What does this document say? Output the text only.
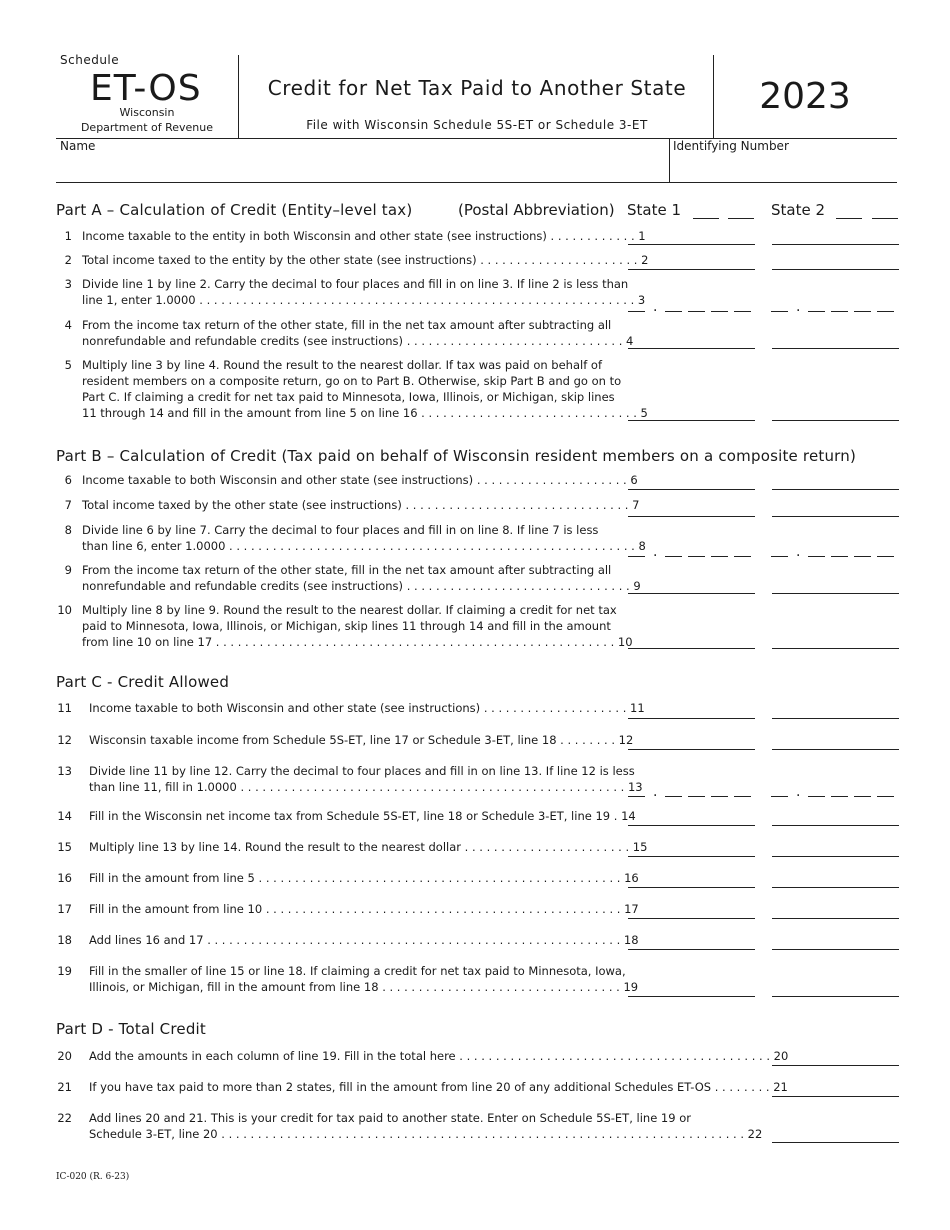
Schedule
ET-OS
Wisconsin
Department of Revenue
Credit for Net Tax Paid to Another State
File with Wisconsin Schedule 5S-ET or Schedule 3-ET
2023
Name	Identifying Number
Part A – Calculation of Credit (Entity–level tax)	(Postal Abbreviation) State 1	State 2
1 Income taxable to the entity in both Wisconsin and other state (see instructions) . . . . . . . . . . . . 1
2 Total income taxed to the entity by the other state (see instructions) . . . . . . . . . . . . . . . . . . . . . . 2
3 Divide line 1 by line 2. Carry the decimal to four places and fill in on line 3. If line 2 is less than
line 1, enter 1.0000 . . . . . . . . . . . . . . . . . . . . . . . . . . . . . . . . . . . . . . . . . . . . . . . . . . . . . . . . . . . . 3 .	.
4 From the income tax return of the other state, fill in the net tax amount after subtracting all
nonrefundable and refundable credits (see instructions) . . . . . . . . . . . . . . . . . . . . . . . . . . . . . . 4
5 Multiply line 3 by line 4. Round the result to the nearest dollar. If tax was paid on behalf of
resident members on a composite return, go on to Part B. Otherwise, skip Part B and go on to
Part C. If claiming a credit for net tax paid to Minnesota, Iowa, Illinois, or Michigan, skip lines
11 through 14 and fill in the amount from line 5 on line 16 . . . . . . . . . . . . . . . . . . . . . . . . . . . . . . 5
Part B – Calculation of Credit (Tax paid on behalf of Wisconsin resident members on a composite return)
6 Income taxable to both Wisconsin and other state (see instructions) . . . . . . . . . . . . . . . . . . . . . 6
7 Total income taxed by the other state (see instructions) . . . . . . . . . . . . . . . . . . . . . . . . . . . . . . . 7
8 Divide line 6 by line 7. Carry the decimal to four places and fill in on line 8. If line 7 is less
than line 6, enter 1.0000 . . . . . . . . . . . . . . . . . . . . . . . . . . . . . . . . . . . . . . . . . . . . . . . . . . . . . . . . 8 .	.
9 From the income tax return of the other state, fill in the net tax amount after subtracting all
nonrefundable and refundable credits (see instructions) . . . . . . . . . . . . . . . . . . . . . . . . . . . . . . . 9
10 Multiply line 8 by line 9. Round the result to the nearest dollar. If claiming a credit for net tax
paid to Minnesota, Iowa, Illinois, or Michigan, skip lines 11 through 14 and fill in the amount
from line 10 on line 17 . . . . . . . . . . . . . . . . . . . . . . . . . . . . . . . . . . . . . . . . . . . . . . . . . . . . . . . 10
Part C - Credit Allowed
11 Income taxable to both Wisconsin and other state (see instructions) . . . . . . . . . . . . . . . . . . . . 11
12 Wisconsin taxable income from Schedule 5S-ET, line 17 or Schedule 3-ET, line 18 . . . . . . . . 12
13 Divide line 11 by line 12. Carry the decimal to four places and fill in on line 13. If line 12 is less
than line 11, fill in 1.0000 . . . . . . . . . . . . . . . . . . . . . . . . . . . . . . . . . . . . . . . . . . . . . . . . . . . . . 13 .	.
14 Fill in the Wisconsin net income tax from Schedule 5S-ET, line 18 or Schedule 3-ET, line 19 . 14
15 Multiply line 13 by line 14. Round the result to the nearest dollar . . . . . . . . . . . . . . . . . . . . . . . 15
16 Fill in the amount from line 5 . . . . . . . . . . . . . . . . . . . . . . . . . . . . . . . . . . . . . . . . . . . . . . . . . . 16
17 Fill in the amount from line 10 . . . . . . . . . . . . . . . . . . . . . . . . . . . . . . . . . . . . . . . . . . . . . . . . . 17
18 Add lines 16 and 17 . . . . . . . . . . . . . . . . . . . . . . . . . . . . . . . . . . . . . . . . . . . . . . . . . . . . . . . . . 18
19 Fill in the smaller of line 15 or line 18. If claiming a credit for net tax paid to Minnesota, Iowa,
Illinois, or Michigan, fill in the amount from line 18 . . . . . . . . . . . . . . . . . . . . . . . . . . . . . . . . . 19
Part D - Total Credit
20 Add the amounts in each column of line 19. Fill in the total here . . . . . . . . . . . . . . . . . . . . . . . . . . . . . . . . . . . . . . . . . . . 20
21 If you have tax paid to more than 2 states, fill in the amount from line 20 of any additional Schedules ET-OS . . . . . . . . 21
22 Add lines 20 and 21. This is your credit for tax paid to another state. Enter on Schedule 5S-ET, line 19 or
Schedule 3-ET, line 20 . . . . . . . . . . . . . . . . . . . . . . . . . . . . . . . . . . . . . . . . . . . . . . . . . . . . . . . . . . . . . . . . . . . . . . . . 22
IC-020 (R. 6-23)
